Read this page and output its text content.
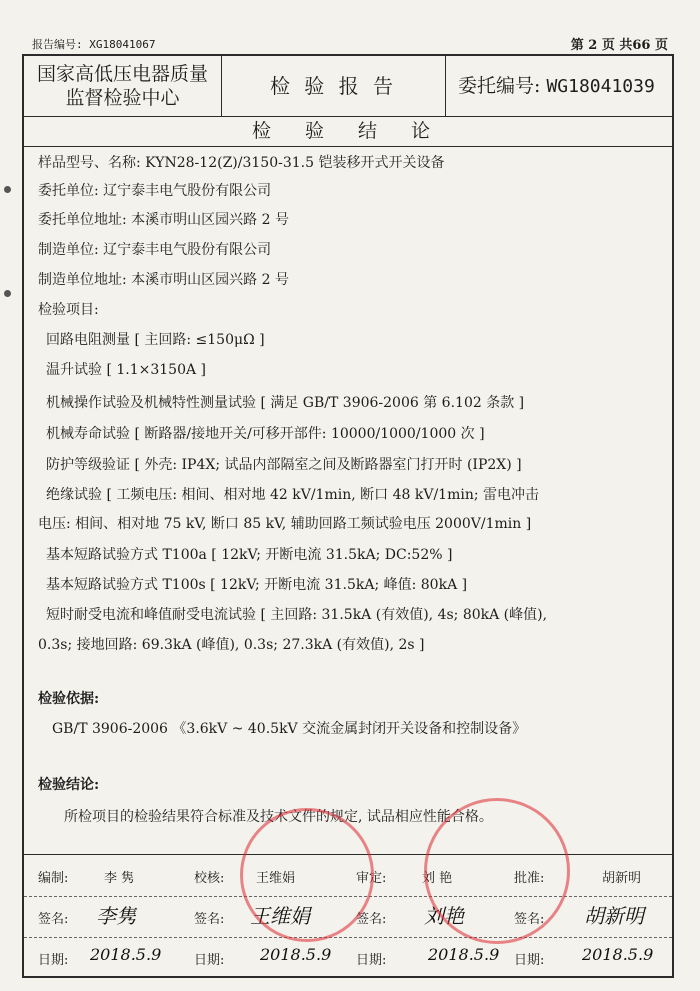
报告编号: XG18041067	第 2 页 共66 页
国家高低压电器质量
监督检验中心	检 验 报 告	委托编号: WG18041039
检 验 结 论
样品型号、名称: KYN28-12(Z)/3150-31.5 铠装移开式开关设备
委托单位: 辽宁泰丰电气股份有限公司
委托单位地址: 本溪市明山区园兴路 2 号
制造单位: 辽宁泰丰电气股份有限公司
制造单位地址: 本溪市明山区园兴路 2 号
检验项目:
回路电阻测量 [ 主回路: ≤150μΩ ]
温升试验 [ 1.1×3150A ]
机械操作试验及机械特性测量试验 [ 满足 GB/T 3906-2006 第 6.102 条款 ]
机械寿命试验 [ 断路器/接地开关/可移开部件: 10000/1000/1000 次 ]
防护等级验证 [ 外壳: IP4X; 试品内部隔室之间及断路器室门打开时 (IP2X) ]
绝缘试验 [ 工频电压: 相间、相对地 42 kV/1min, 断口 48 kV/1min; 雷电冲击
电压: 相间、相对地 75 kV, 断口 85 kV, 辅助回路工频试验电压 2000V/1min ]
基本短路试验方式 T100a [ 12kV; 开断电流 31.5kA; DC:52% ]
基本短路试验方式 T100s [ 12kV; 开断电流 31.5kA; 峰值: 80kA ]
短时耐受电流和峰值耐受电流试验 [ 主回路: 31.5kA (有效值), 4s; 80kA (峰值),
0.3s; 接地回路: 69.3kA (峰值), 0.3s; 27.3kA (有效值), 2s ]
检验依据:
GB/T 3906-2006 《3.6kV ~ 40.5kV 交流金属封闭开关设备和控制设备》
检验结论:
所检项目的检验结果符合标准及技术文件的规定, 试品相应性能合格。
编制:	李 隽	校核: 王维娟	审定:	刘 艳	批准:	胡新明
签名: 李隽	签名: 王维娟	签名: 刘艳	签名: 胡新明
日期: 2018.5.9	日期: 2018.5.9 日期:	2018.5.9 日期: 2018.5.9
